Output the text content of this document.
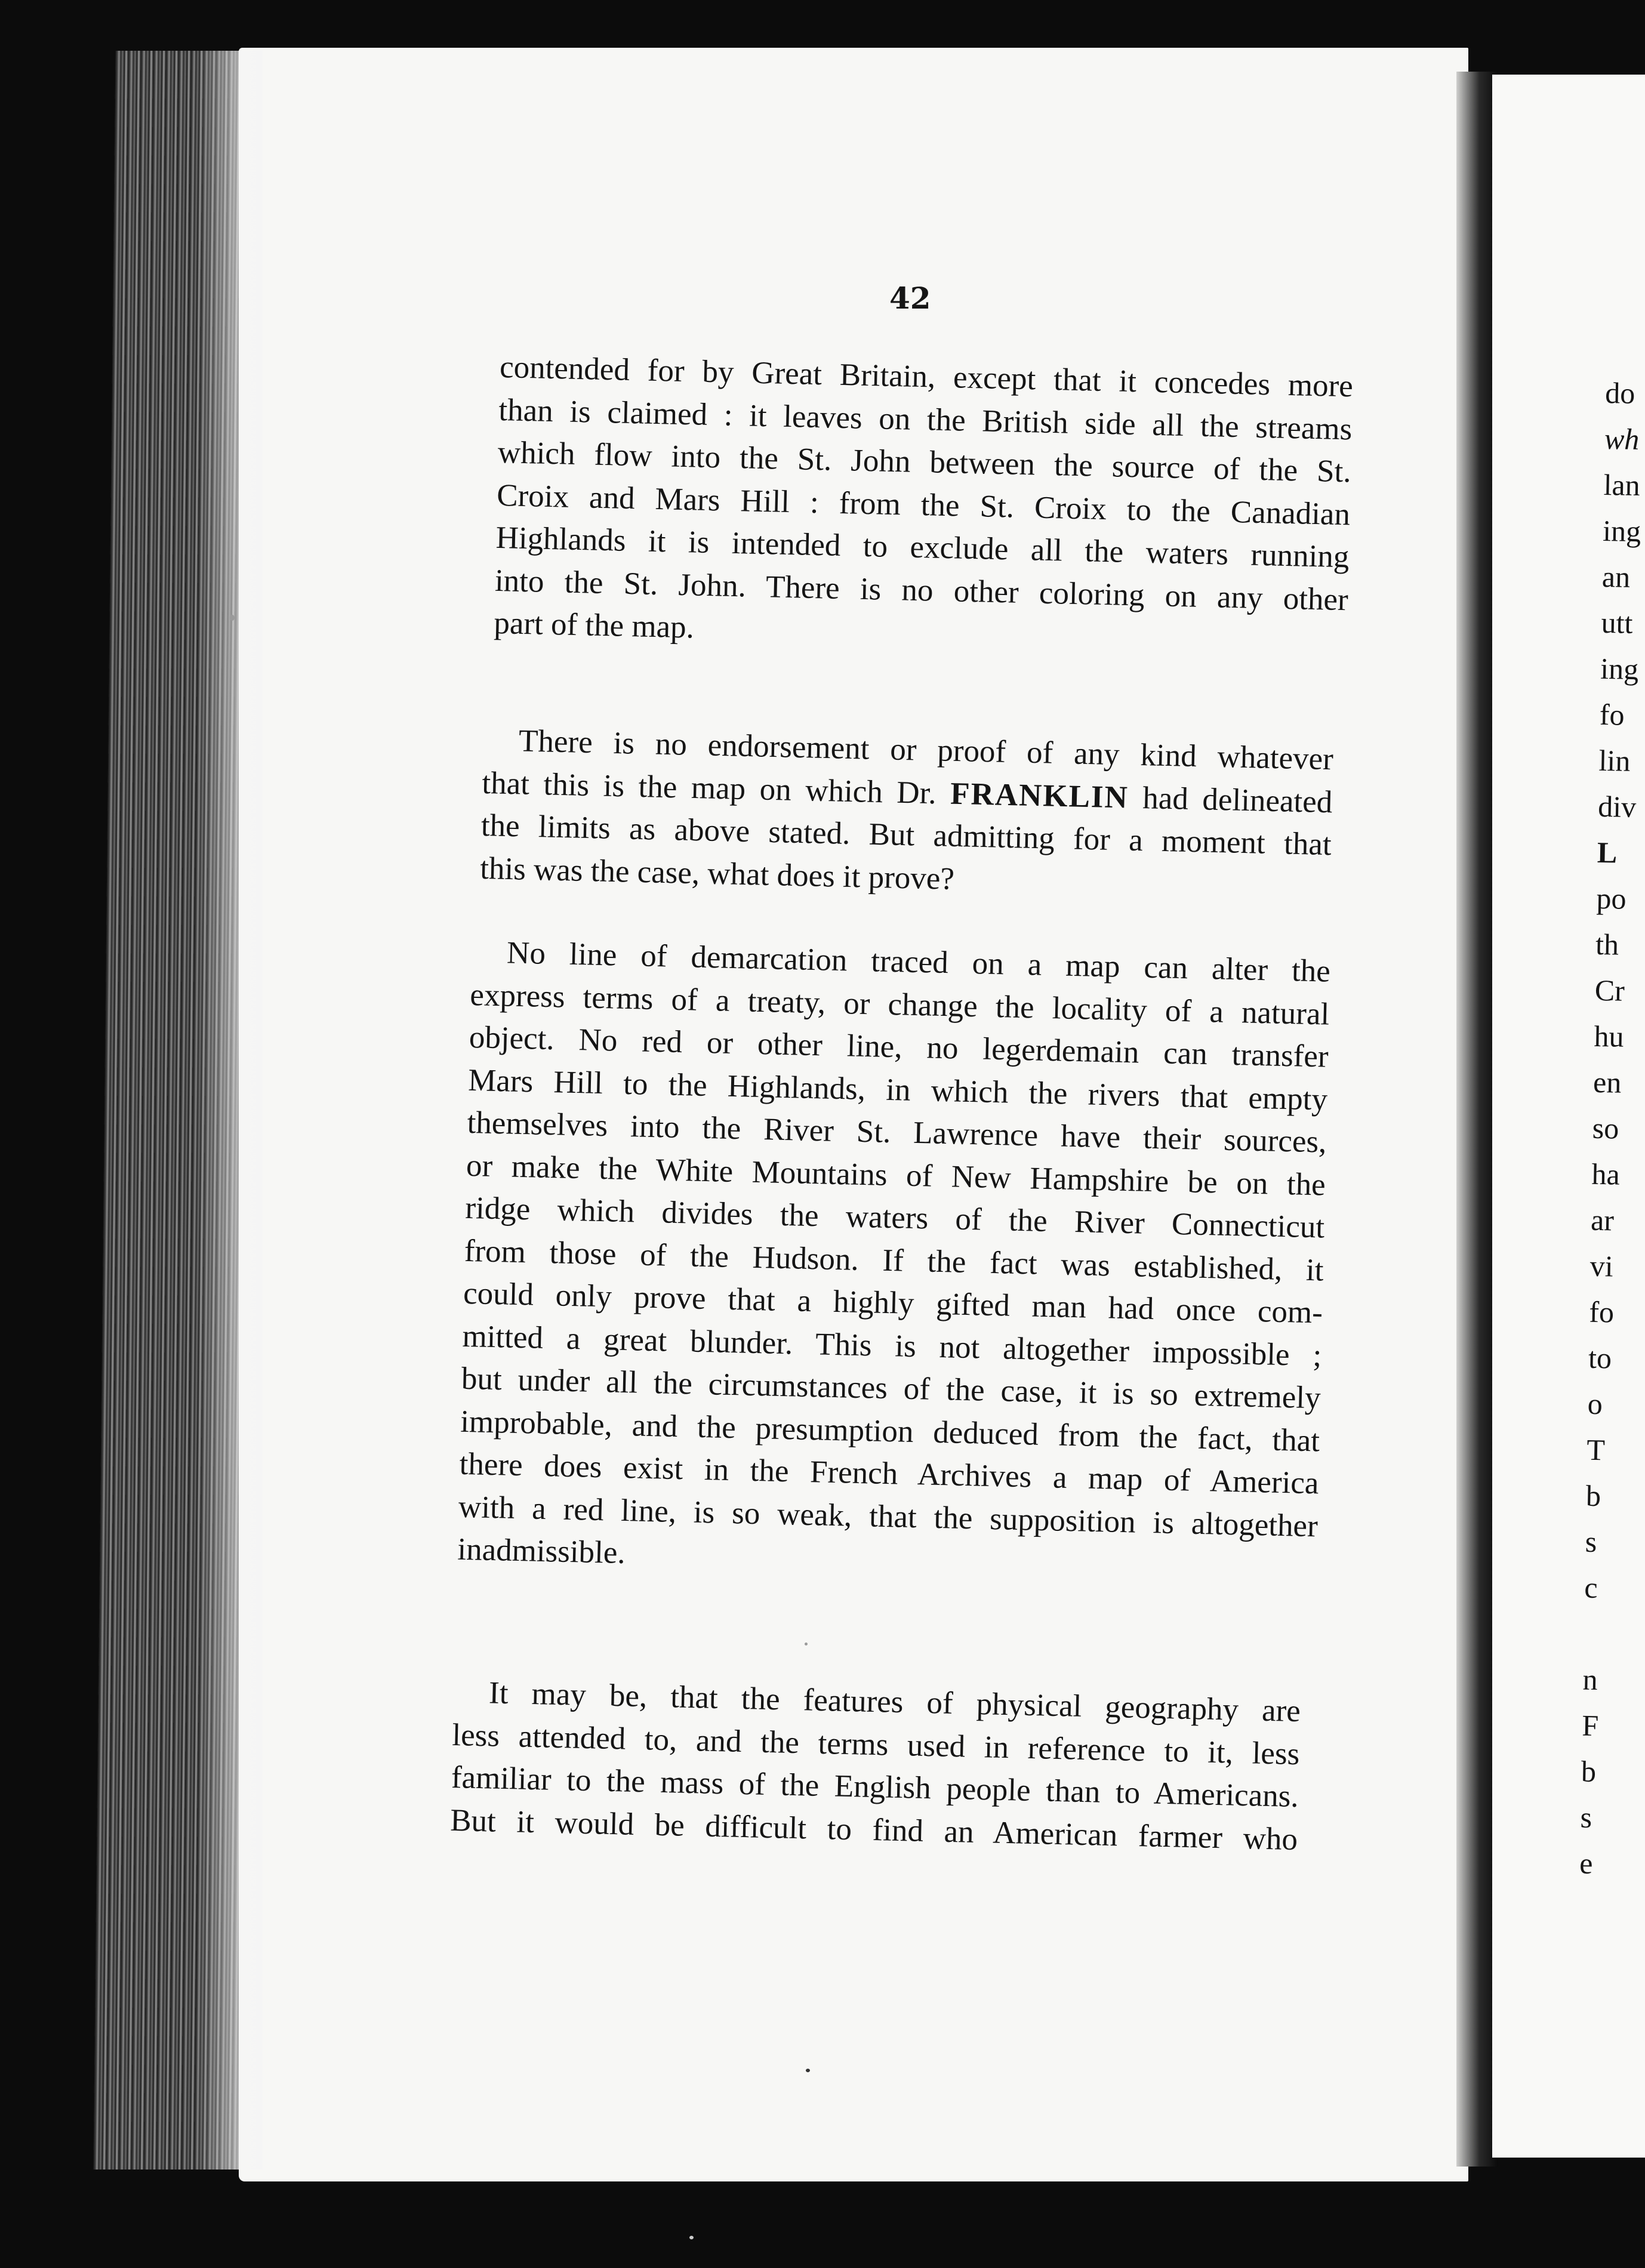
42
contended for by Great Britain, except that it concedes more
than is claimed : it leaves on the British side all the streams
which flow into the St. John between the source of the St.
Croix and Mars Hill : from the St. Croix to the Canadian
Highlands it is intended to exclude all the waters running
into the St. John. There is no other coloring on any other
part of the map.
There is no endorsement or proof of any kind whatever
that this is the map on which Dr. FRANKLIN had delineated
the limits as above stated. But admitting for a moment that
this was the case, what does it prove?
No line of demarcation traced on a map can alter the
express terms of a treaty, or change the locality of a natural
object. No red or other line, no legerdemain can transfer
Mars Hill to the Highlands, in which the rivers that empty
themselves into the River St. Lawrence have their sources,
or make the White Mountains of New Hampshire be on the
ridge which divides the waters of the River Connecticut
from those of the Hudson. If the fact was established, it
could only prove that a highly gifted man had once com-
mitted a great blunder. This is not altogether impossible ;
but under all the circumstances of the case, it is so extremely
improbable, and the presumption deduced from the fact, that
there does exist in the French Archives a map of America
with a red line, is so weak, that the supposition is altogether
inadmissible.
It may be, that the features of physical geography are
less attended to, and the terms used in reference to it, less
familiar to the mass of the English people than to Americans.
But it would be difficult to find an American farmer who
do
wh
lan
ing
an
utt
ing
fo
lin
div
L
po
th
Cr
hu
en
so
ha
ar
vi
fo
to
o
T
b
s
c

n
F
b
s
e
